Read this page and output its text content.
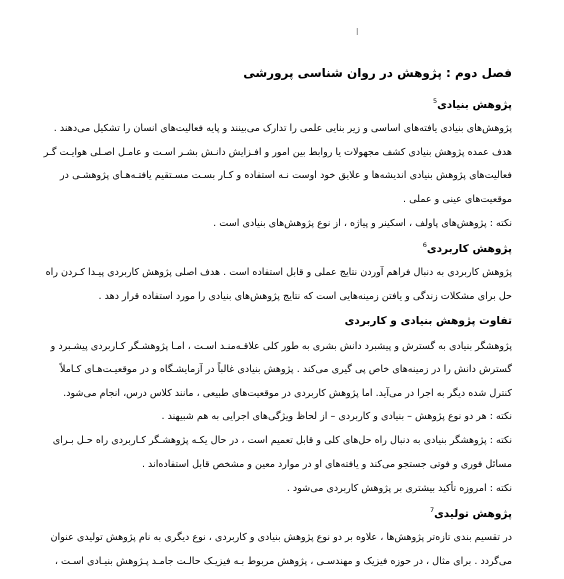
ا
فصل دوم : پژوهش در روان شناسی پرورشی
پژوهش بنیادی$^5$
پژوهش‌های بنیادی یافته‌های اساسی و زیر بنایی علمی را تدارک می‌بینند و پایه فعالیت‌های انسان را تشکیل می‌دهند .
هدف عمده پژوهش بنیادی کشف مجهولات یا روابط بین امور و افـزایش دانـش بشـر اسـت و عامـل اصـلی هوایـت گـر
فعالیت‌های پژوهش بنیادی اندیشه‌ها و علایق خود اوست نـه استفاده و کـار بسـت مسـتقیم یافتـه‌هـای پژوهشـی در
موقعیت‌های عینی و عملی .
نکته : پژوهش‌های پاولف ، اسکینر و پیاژه ، از نوع پژوهش‌های بنیادی است .
پژوهش کاربردی$^6$
پژوهش کاربردی به دنبال فراهم آوردن نتایج عملی و قابل استفاده است . هدف اصلی پژوهش کاربردی پیـدا کـردن راه
حل برای مشکلات زندگی و یافتن زمینه‌هایی است که نتایج پژوهش‌های بنیادی را مورد استفاده قرار دهد .
تفاوت پژوهش بنیادی و کاربردی
پژوهشگر بنیادی به گسترش و پیشبرد دانش بشری به طور کلی علاقـه‌منـد اسـت ، امـا پژوهشـگر کـاربردی پیشـبرد و
گسترش دانش را در زمینه‌های خاص پی گیری می‌کند . پژوهش بنیادی غالباً در آزمایشـگاه و در موقعیـت‌هـای کـاملاً
کنترل شده دیگر به اجرا در می‌آید. اما پژوهش کاربردی در موقعیت‌های طبیعی ، مانند کلاس درس، انجام می‌شود.
نکته : هر دو نوع پژوهش – بنیادی و کاربردی – از لحاظ ویژگی‌های اجرایی به هم شبیهند .
نکته : پژوهشگر بنیادی به دنبال راه حل‌های کلی و قابل تعمیم است ، در حال یکـه پژوهشـگر کـاربردی راه حـل بـرای
مسائل فوری و فوتی جستجو می‌کند و یافته‌های او در موارد معین و مشخص قابل استفاده‌اند .
نکته : امروزه تأکید بیشتری بر پژوهش کاربردی می‌شود .
پژوهش تولیدی$^7$
در تقسیم بندی تازه‌تر پژوهش‌ها ، علاوه بر دو نوع پژوهش بنیادی و کاربردی ، نوع دیگری به نام پژوهش تولیدی عنوان
می‌گردد . برای مثال ، در حوزه فیزیک و مهندسـی ، پژوهش مربوط بـه فیزیـک حالـت جامـد پـژوهش بنیـادی اسـت ،
